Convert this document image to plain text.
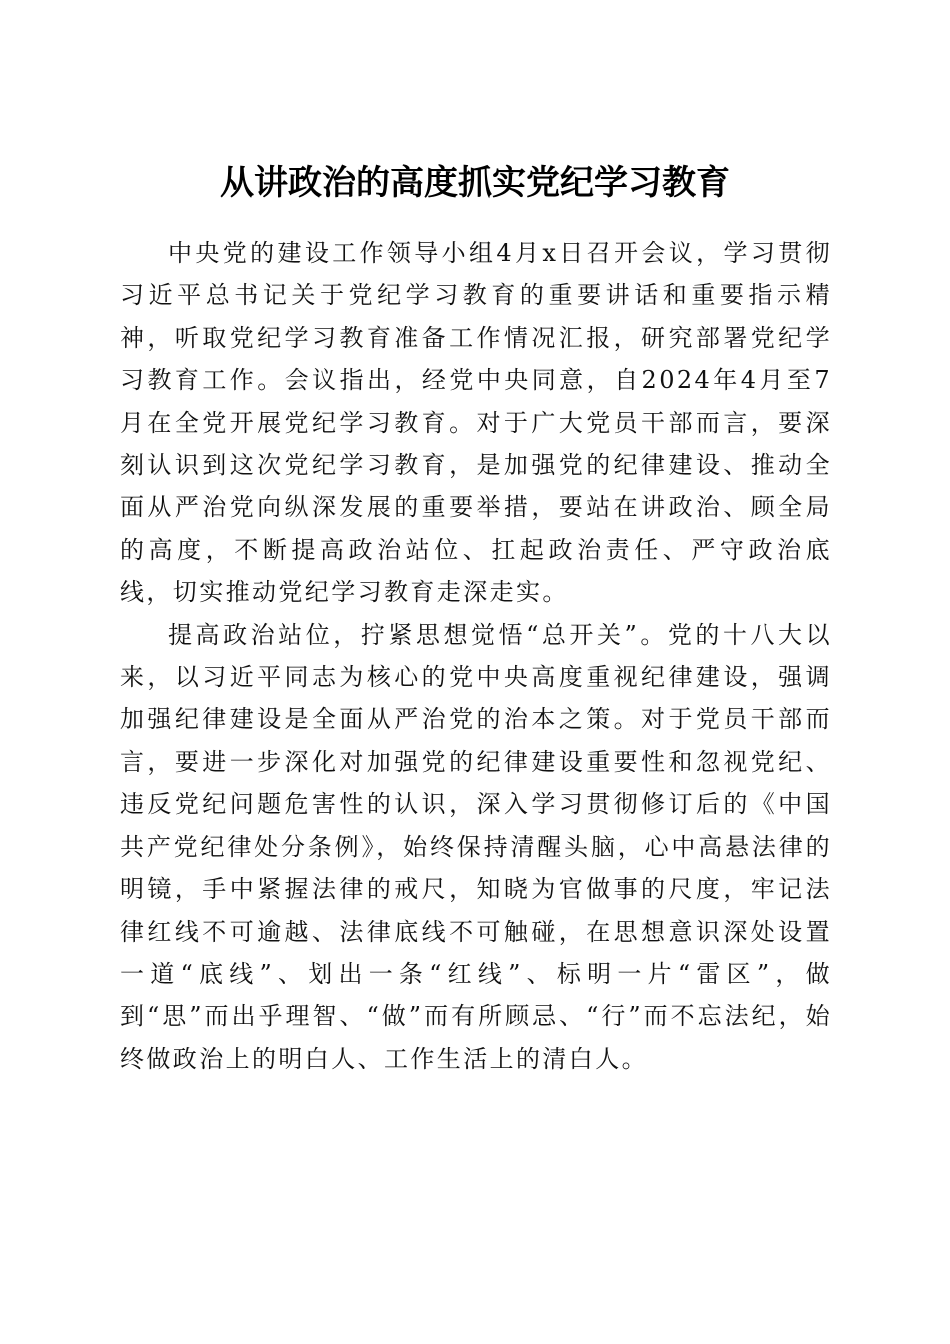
从讲政治的高度抓实党纪学习教育

中央党的建设工作领导小组4月x日召开会议，学习贯彻习近平总书记关于党纪学习教育的重要讲话和重要指示精神，听取党纪学习教育准备工作情况汇报，研究部署党纪学习教育工作。会议指出，经党中央同意，自2024年4月至7月在全党开展党纪学习教育。对于广大党员干部而言，要深刻认识到这次党纪学习教育，是加强党的纪律建设、推动全面从严治党向纵深发展的重要举措，要站在讲政治、顾全局的高度，不断提高政治站位、扛起政治责任、严守政治底线，切实推动党纪学习教育走深走实。

提高政治站位，拧紧思想觉悟“总开关”。党的十八大以来，以习近平同志为核心的党中央高度重视纪律建设，强调加强纪律建设是全面从严治党的治本之策。对于党员干部而言，要进一步深化对加强党的纪律建设重要性和忽视党纪、违反党纪问题危害性的认识，深入学习贯彻修订后的《中国共产党纪律处分条例》，始终保持清醒头脑，心中高悬法律的明镜，手中紧握法律的戒尺，知晓为官做事的尺度，牢记法律红线不可逾越、法律底线不可触碰，在思想意识深处设置一道“底线”、划出一条“红线”、标明一片“雷区”，做到“思”而出乎理智、“做”而有所顾忌、“行”而不忘法纪，始终做政治上的明白人、工作生活上的清白人。
